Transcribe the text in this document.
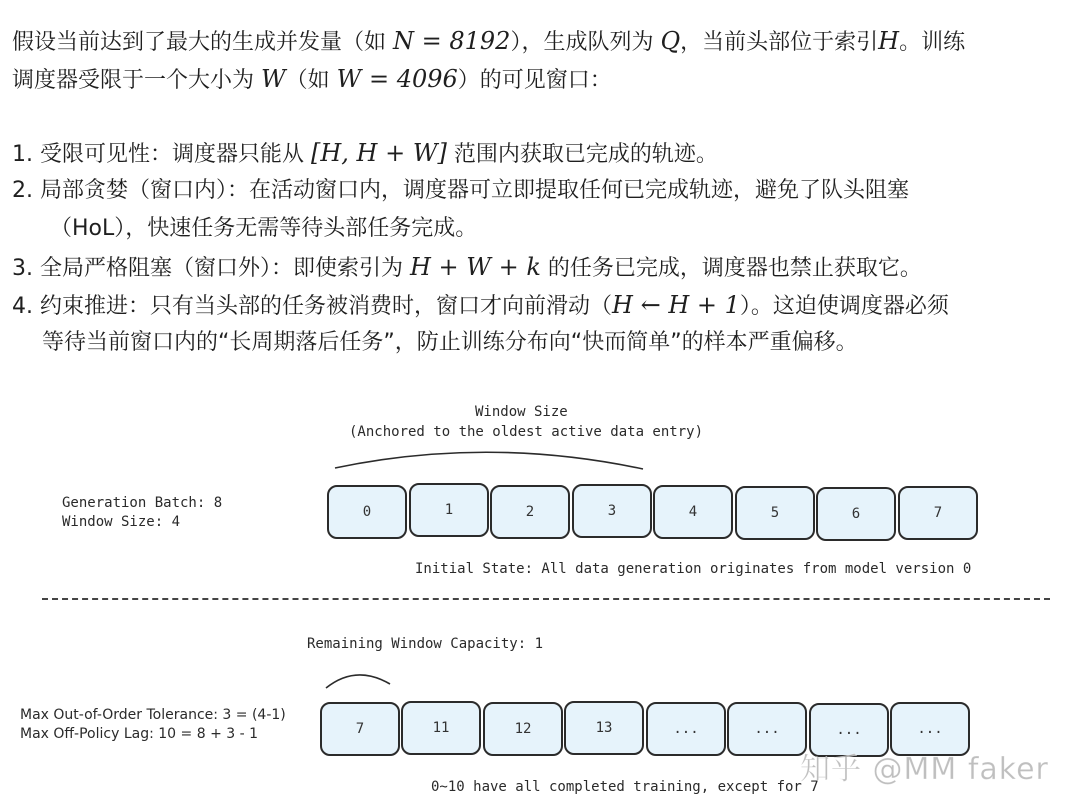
假设当前达到了最大的生成并发量（如 N = 8192），生成队列为 Q，当前头部位于索引H。训练
调度器受限于一个大小为 W（如 W = 4096）的可见窗口：
1. 受限可见性：调度器只能从 [H, H + W] 范围内获取已完成的轨迹。
2. 局部贪婪（窗口内）：在活动窗口内，调度器可立即提取任何已完成轨迹，避免了队头阻塞
（HoL），快速任务无需等待头部任务完成。
3. 全局严格阻塞（窗口外）：即使索引为 H + W + k 的任务已完成，调度器也禁止获取它。
4. 约束推进：只有当头部的任务被消费时，窗口才向前滑动（H ← H + 1）。这迫使调度器必须
等待当前窗口内的“长周期落后任务”，防止训练分布向“快而简单”的样本严重偏移。
Window Size
(Anchored to the oldest active data entry)
Generation Batch: 8
Window Size: 4
0	1	2	3	4	5	6	7
Initial State: All data generation originates from model version 0
Remaining Window Capacity: 1
Max Out-of-Order Tolerance: 3 = (4-1)
Max Off-Policy Lag: 10 = 8 + 3 - 1	7	11	12	13	...	...	...	...
0~10 have all completed training, except for 7
知乎 @MM faker
